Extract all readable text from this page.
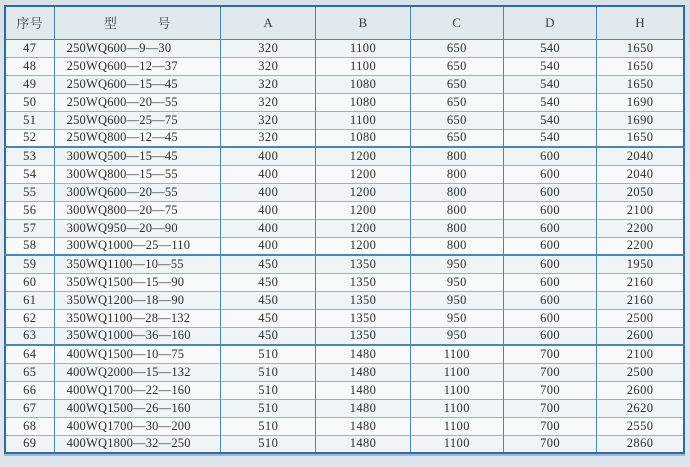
序号	型　　　号	A	B	C	D	H
47	250WQ600—9—30	320	1100	650	540	1650
48	250WQ600—12—37	320	1100	650	540	1650
49	250WQ600—15—45	320	1080	650	540	1650
50	250WQ600—20—55	320	1080	650	540	1690
51	250WQ600—25—75	320	1100	650	540	1690
52	250WQ800—12—45	320	1080	650	540	1650
53	300WQ500—15—45	400	1200	800	600	2040
54	300WQ800—15—55	400	1200	800	600	2040
55	300WQ600—20—55	400	1200	800	600	2050
56	300WQ800—20—75	400	1200	800	600	2100
57	300WQ950—20—90	400	1200	800	600	2200
58	300WQ1000—25—110	400	1200	800	600	2200
59	350WQ1100—10—55	450	1350	950	600	1950
60	350WQ1500—15—90	450	1350	950	600	2160
61	350WQ1200—18—90	450	1350	950	600	2160
62	350WQ1100—28—132	450	1350	950	600	2500
63	350WQ1000—36—160	450	1350	950	600	2600
64	400WQ1500—10—75	510	1480	1100	700	2100
65	400WQ2000—15—132	510	1480	1100	700	2500
66	400WQ1700—22—160	510	1480	1100	700	2600
67	400WQ1500—26—160	510	1480	1100	700	2620
68	400WQ1700—30—200	510	1480	1100	700	2550
69	400WQ1800—32—250	510	1480	1100	700	2860
